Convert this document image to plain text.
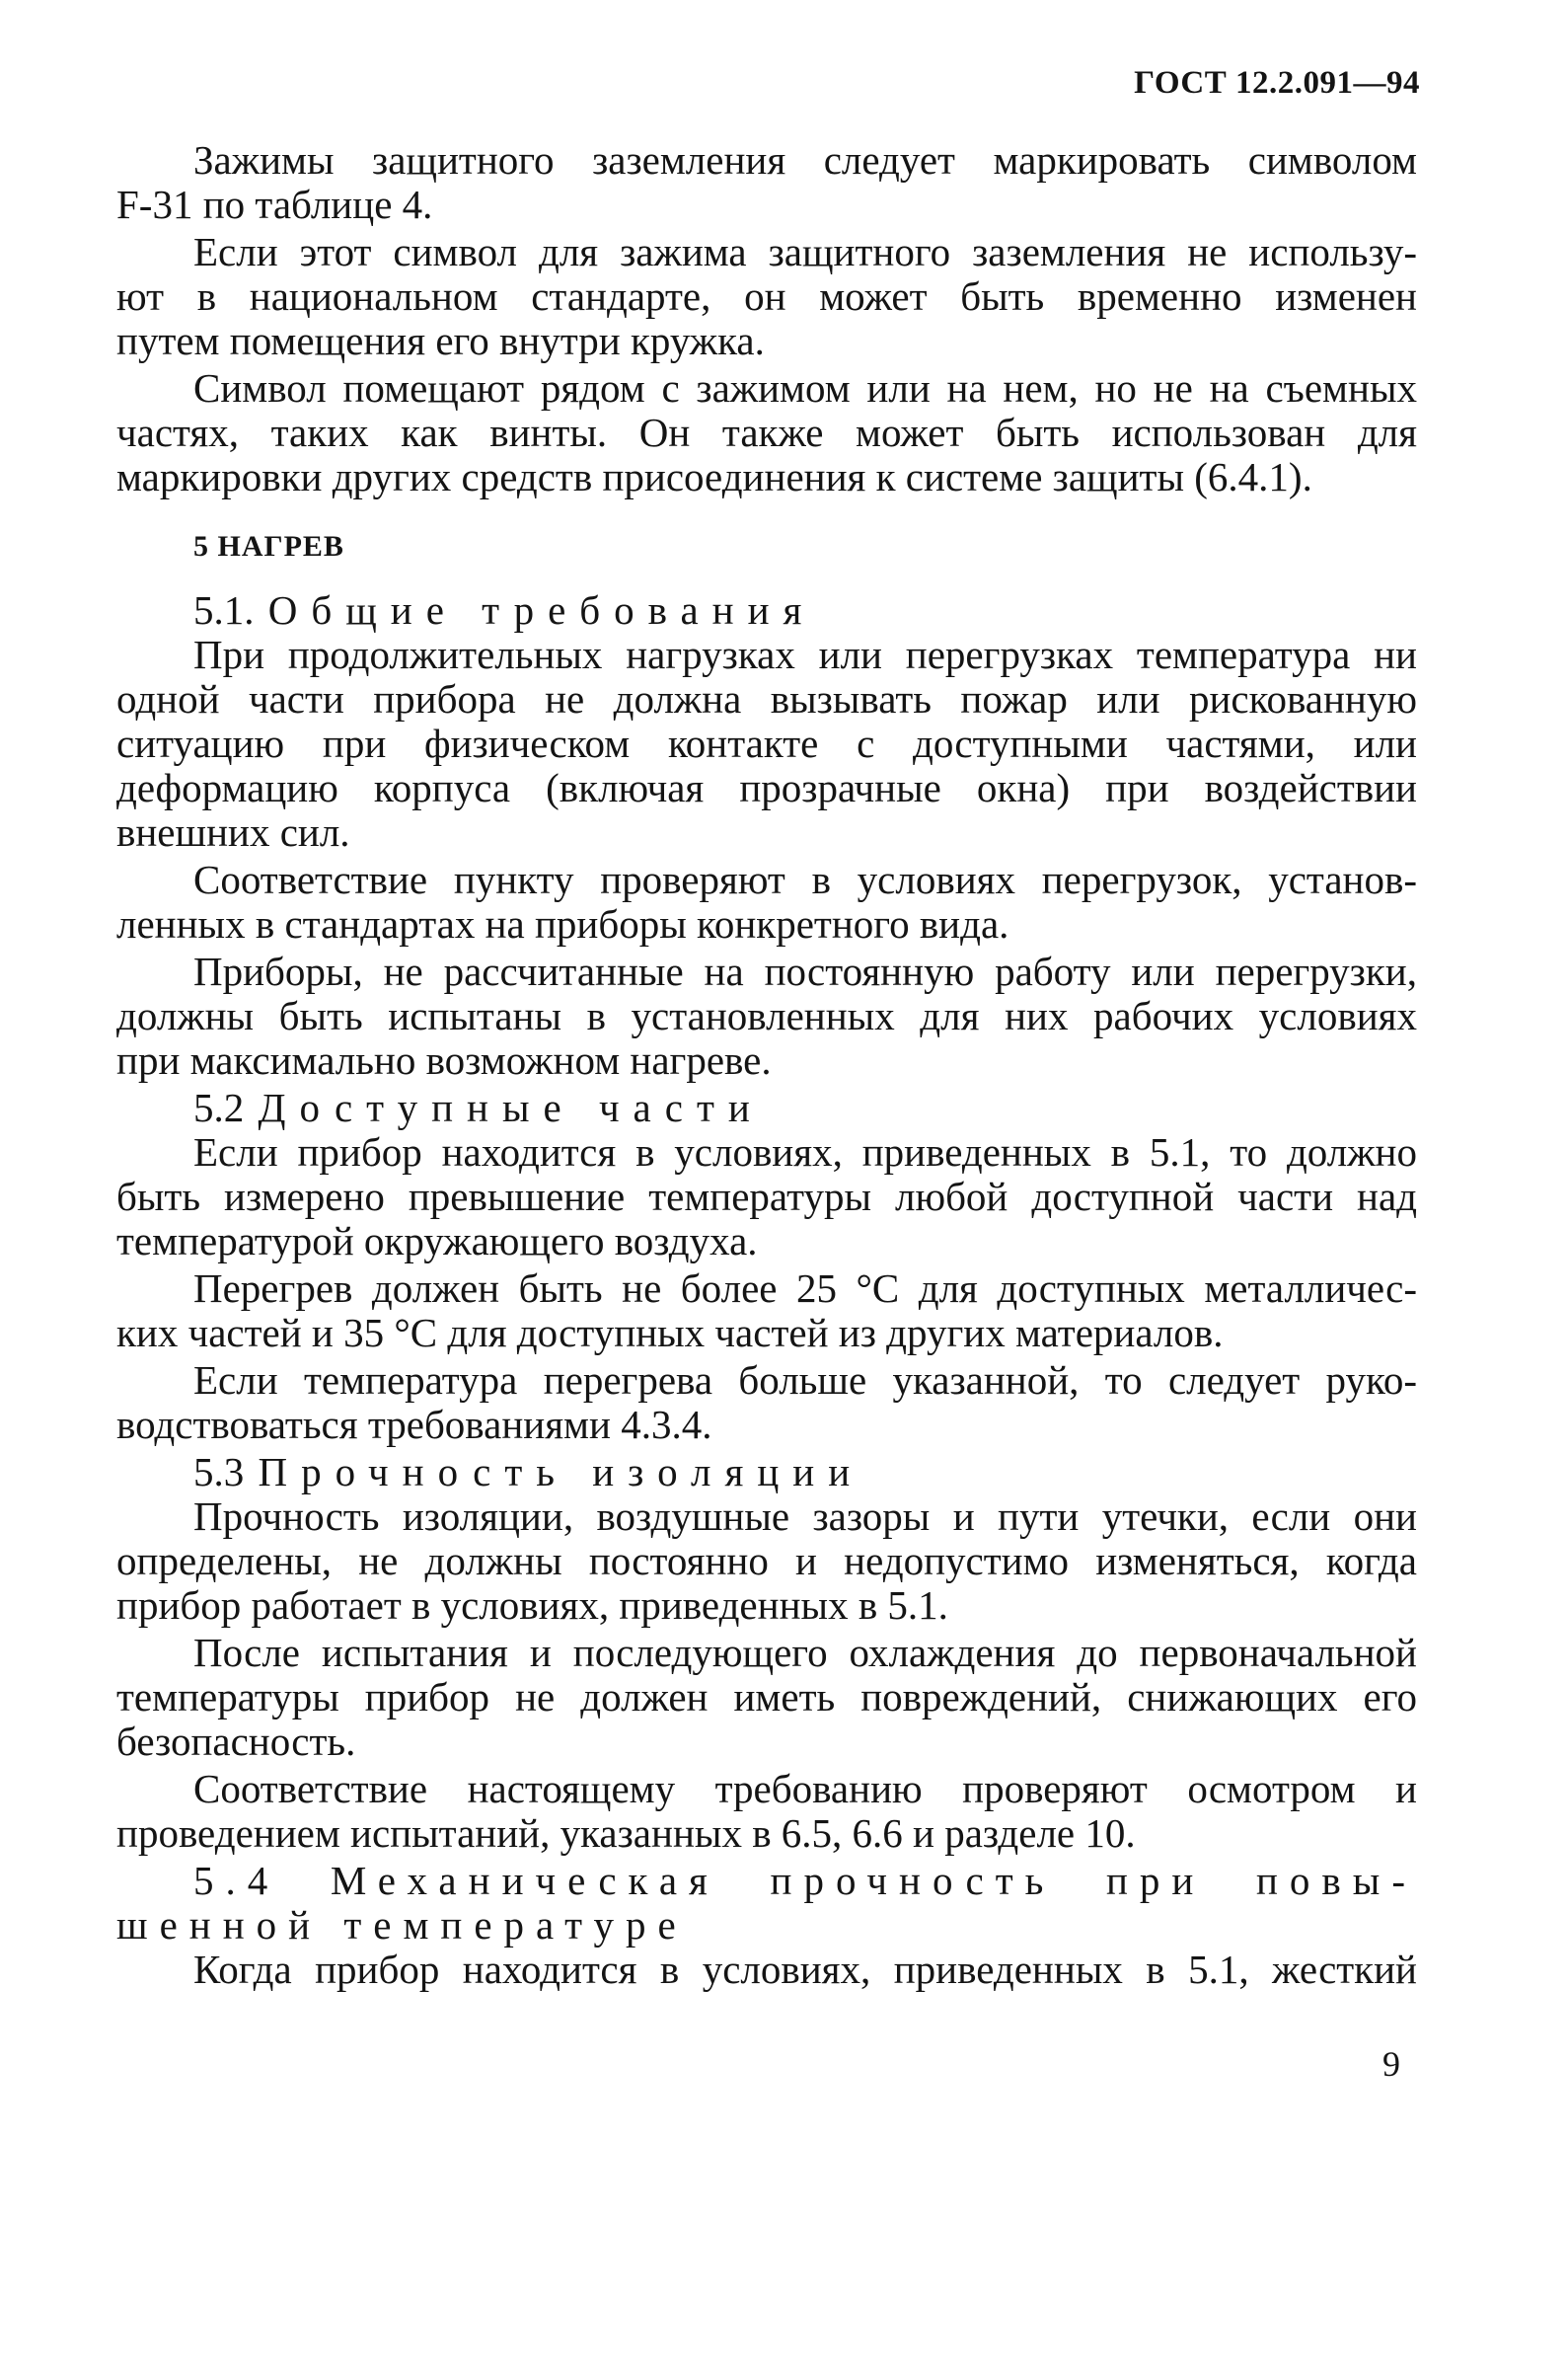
ГОСТ 12.2.091—94
Зажимы защитного заземления следует маркировать символом
F-31 по таблице 4.
Если этот символ для зажима защитного заземления не использу-
ют в национальном стандарте, он может быть временно изменен
путем помещения его внутри кружка.
Символ помещают рядом с зажимом или на нем, но не на съемных
частях, таких как винты. Он также может быть использован для
маркировки других средств присоединения к системе защиты (6.4.1).
5 НАГРЕВ
5.1. Общие требования
При продолжительных нагрузках или перегрузках температура ни
одной части прибора не должна вызывать пожар или рискованную
ситуацию при физическом контакте с доступными частями, или
деформацию корпуса (включая прозрачные окна) при воздействии
внешних сил.
Соответствие пункту проверяют в условиях перегрузок, установ-
ленных в стандартах на приборы конкретного вида.
Приборы, не рассчитанные на постоянную работу или перегрузки,
должны быть испытаны в установленных для них рабочих условиях
при максимально возможном нагреве.
5.2 Доступные части
Если прибор находится в условиях, приведенных в 5.1, то должно
быть измерено превышение температуры любой доступной части над
температурой окружающего воздуха.
Перегрев должен быть не более 25 °С для доступных металличес-
ких частей и 35 °С для доступных частей из других материалов.
Если температура перегрева больше указанной, то следует руко-
водствоваться требованиями 4.3.4.
5.3 Прочность изоляции
Прочность изоляции, воздушные зазоры и пути утечки, если они
определены, не должны постоянно и недопустимо изменяться, когда
прибор работает в условиях, приведенных в 5.1.
После испытания и последующего охлаждения до первоначальной
температуры прибор не должен иметь повреждений, снижающих его
безопасность.
Соответствие настоящему требованию проверяют осмотром и
проведением испытаний, указанных в 6.5, 6.6 и разделе 10.
5.4 Механическая прочность при повы-
шенной температуре
Когда прибор находится в условиях, приведенных в 5.1, жесткий
9
